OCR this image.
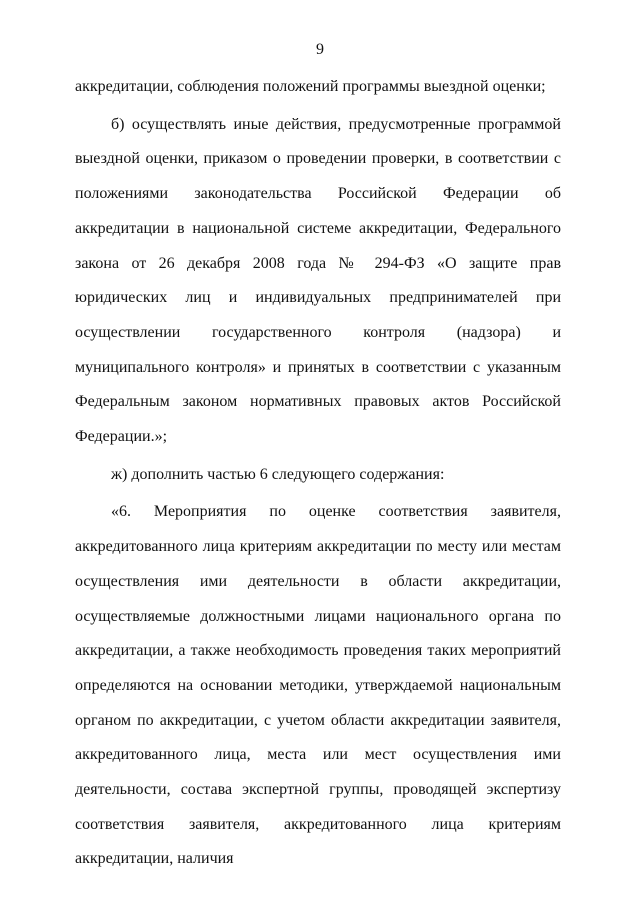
9

аккредитации, соблюдения положений программы выездной оценки;

б) осуществлять иные действия, предусмотренные программой выездной оценки, приказом о проведении проверки, в соответствии с положениями законодательства Российской Федерации об аккредитации в национальной системе аккредитации, Федерального закона от 26 декабря 2008 года № 294-ФЗ «О защите прав юридических лиц и индивидуальных предпринимателей при осуществлении государственного контроля (надзора) и муниципального контроля» и принятых в соответствии с указанным Федеральным законом нормативных правовых актов Российской Федерации.»;

ж) дополнить частью 6 следующего содержания:

«6. Мероприятия по оценке соответствия заявителя, аккредитованного лица критериям аккредитации по месту или местам осуществления ими деятельности в области аккредитации, осуществляемые должностными лицами национального органа по аккредитации, а также необходимость проведения таких мероприятий определяются на основании методики, утверждаемой национальным органом по аккредитации, с учетом области аккредитации заявителя, аккредитованного лица, места или мест осуществления ими деятельности, состава экспертной группы, проводящей экспертизу соответствия заявителя, аккредитованного лица критериям аккредитации, наличия
